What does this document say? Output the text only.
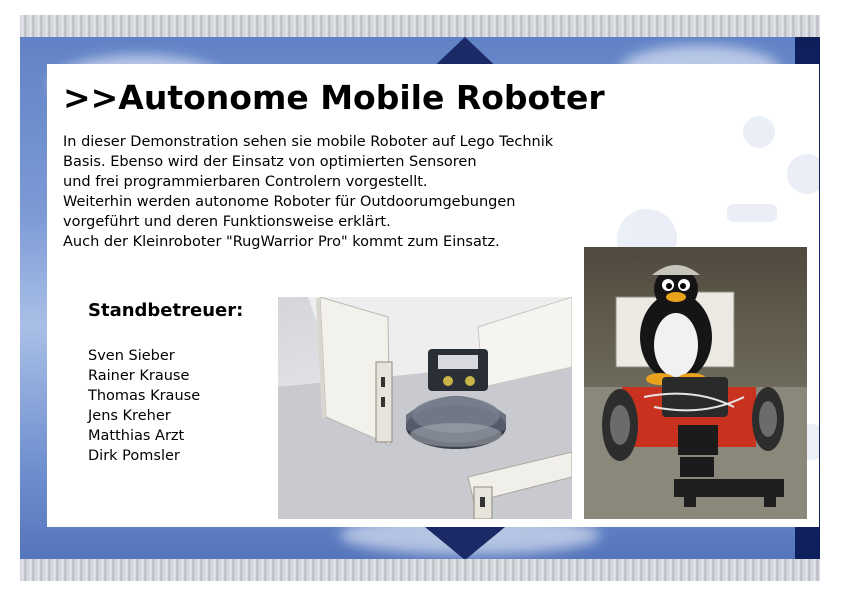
>>Autonome Mobile Roboter
In dieser Demonstration sehen sie mobile Roboter auf Lego Technik
Basis. Ebenso wird der Einsatz von optimierten Sensoren
und frei programmierbaren Controlern vorgestellt.
Weiterhin werden autonome Roboter für Outdoorumgebungen
vorgeführt und deren Funktionsweise erklärt.
Auch der Kleinroboter "RugWarrior Pro" kommt zum Einsatz.
Standbetreuer:
Sven Sieber
Rainer Krause
Thomas Krause
Jens Kreher
Matthias Arzt
Dirk Pomsler
